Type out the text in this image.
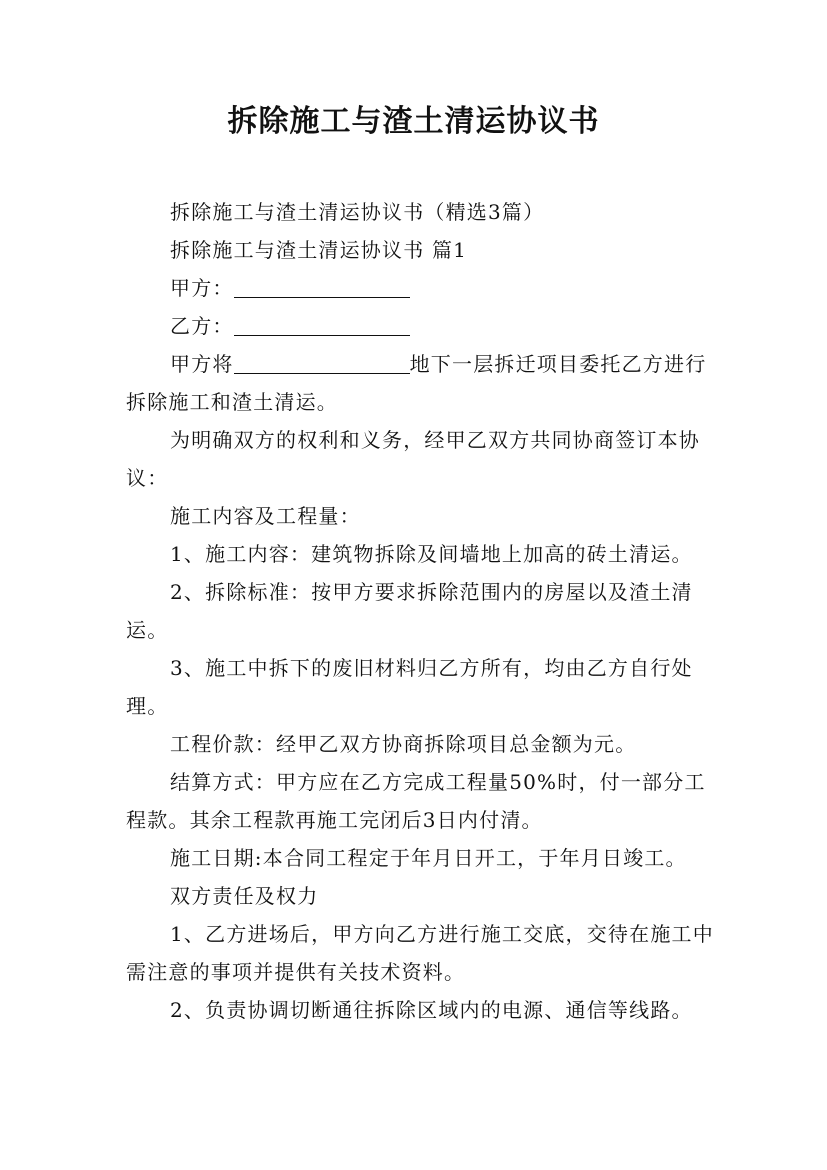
拆除施工与渣土清运协议书

拆除施工与渣土清运协议书（精选3篇）

拆除施工与渣土清运协议书 篇1

甲方：

乙方：

甲方将	地下一层拆迁项目委托乙方进行拆除施工和渣土清运。

为明确双方的权利和义务，经甲乙双方共同协商签订本协议：

施工内容及工程量：

1、施工内容：建筑物拆除及间墙地上加高的砖土清运。

2、拆除标准：按甲方要求拆除范围内的房屋以及渣土清运。

3、施工中拆下的废旧材料归乙方所有，均由乙方自行处理。

工程价款：经甲乙双方协商拆除项目总金额为元。

结算方式：甲方应在乙方完成工程量50%时，付一部分工程款。其余工程款再施工完闭后3日内付清。

施工日期:本合同工程定于年月日开工，于年月日竣工。

双方责任及权力

1、乙方进场后，甲方向乙方进行施工交底，交待在施工中需注意的事项并提供有关技术资料。

2、负责协调切断通往拆除区域内的电源、通信等线路。
